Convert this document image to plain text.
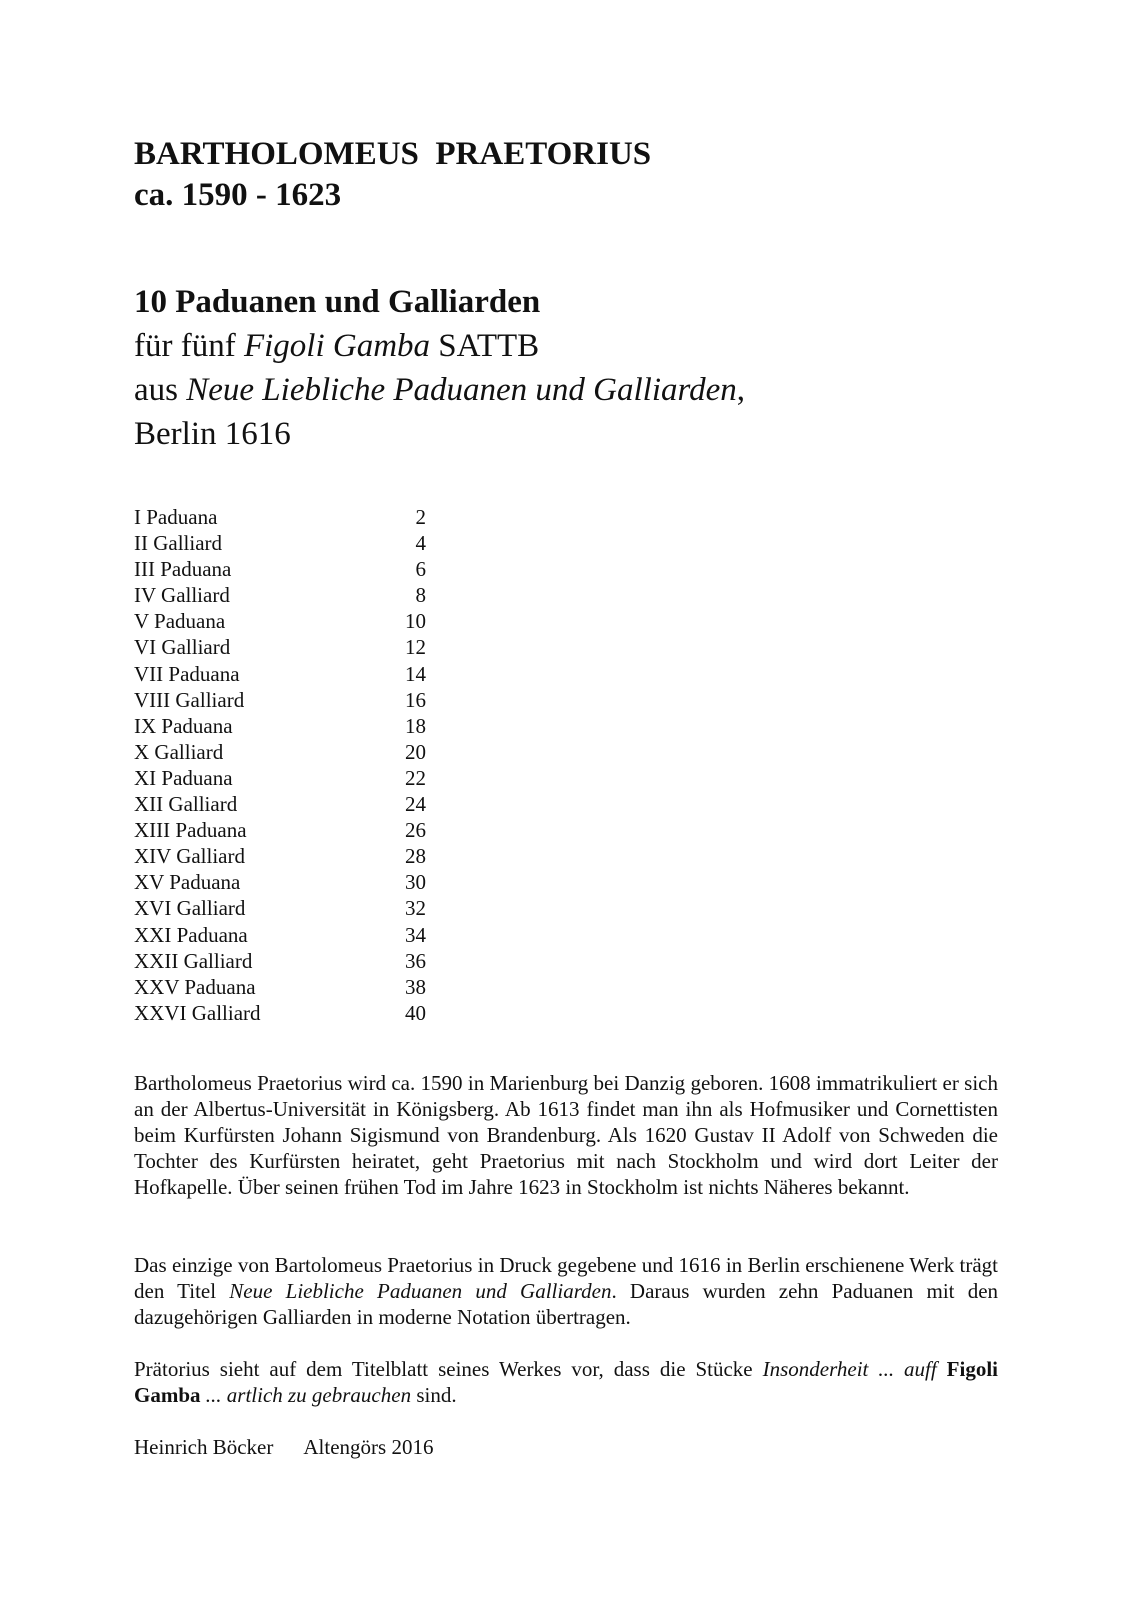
BARTHOLOMEUS PRAETORIUS
ca. 1590 - 1623
10 Paduanen und Galliarden
für fünf Figoli Gamba SATTB
aus Neue Liebliche Paduanen und Galliarden,
Berlin 1616
I Paduana	2
II Galliard	4
III Paduana	6
IV Galliard	8
V Paduana	10
VI Galliard	12
VII Paduana	14
VIII Galliard	16
IX Paduana	18
X Galliard	20
XI Paduana	22
XII Galliard	24
XIII Paduana	26
XIV Galliard	28
XV Paduana	30
XVI Galliard	32
XXI Paduana	34
XXII Galliard	36
XXV Paduana	38
XXVI Galliard	40

Bartholomeus Praetorius wird ca. 1590 in Marienburg bei Danzig geboren. 1608 immatrikuliert er sich an der Albertus-Universität in Königsberg. Ab 1613 findet man ihn als Hofmusiker und Cornettisten beim Kurfürsten Johann Sigismund von Brandenburg. Als 1620 Gustav II Adolf von Schweden die Tochter des Kurfürsten heiratet, geht Praetorius mit nach Stockholm und wird dort Leiter der Hofkapelle. Über seinen frühen Tod im Jahre 1623 in Stockholm ist nichts Näheres bekannt.

Das einzige von Bartolomeus Praetorius in Druck gegebene und 1616 in Berlin erschienene Werk trägt den Titel Neue Liebliche Paduanen und Galliarden. Daraus wurden zehn Paduanen mit den dazugehörigen Galliarden in moderne Notation übertragen.

Prätorius sieht auf dem Titelblatt seines Werkes vor, dass die Stücke Insonderheit ... auff Figoli Gamba ... artlich zu gebrauchen sind.

Heinrich Böcker Altengörs 2016
